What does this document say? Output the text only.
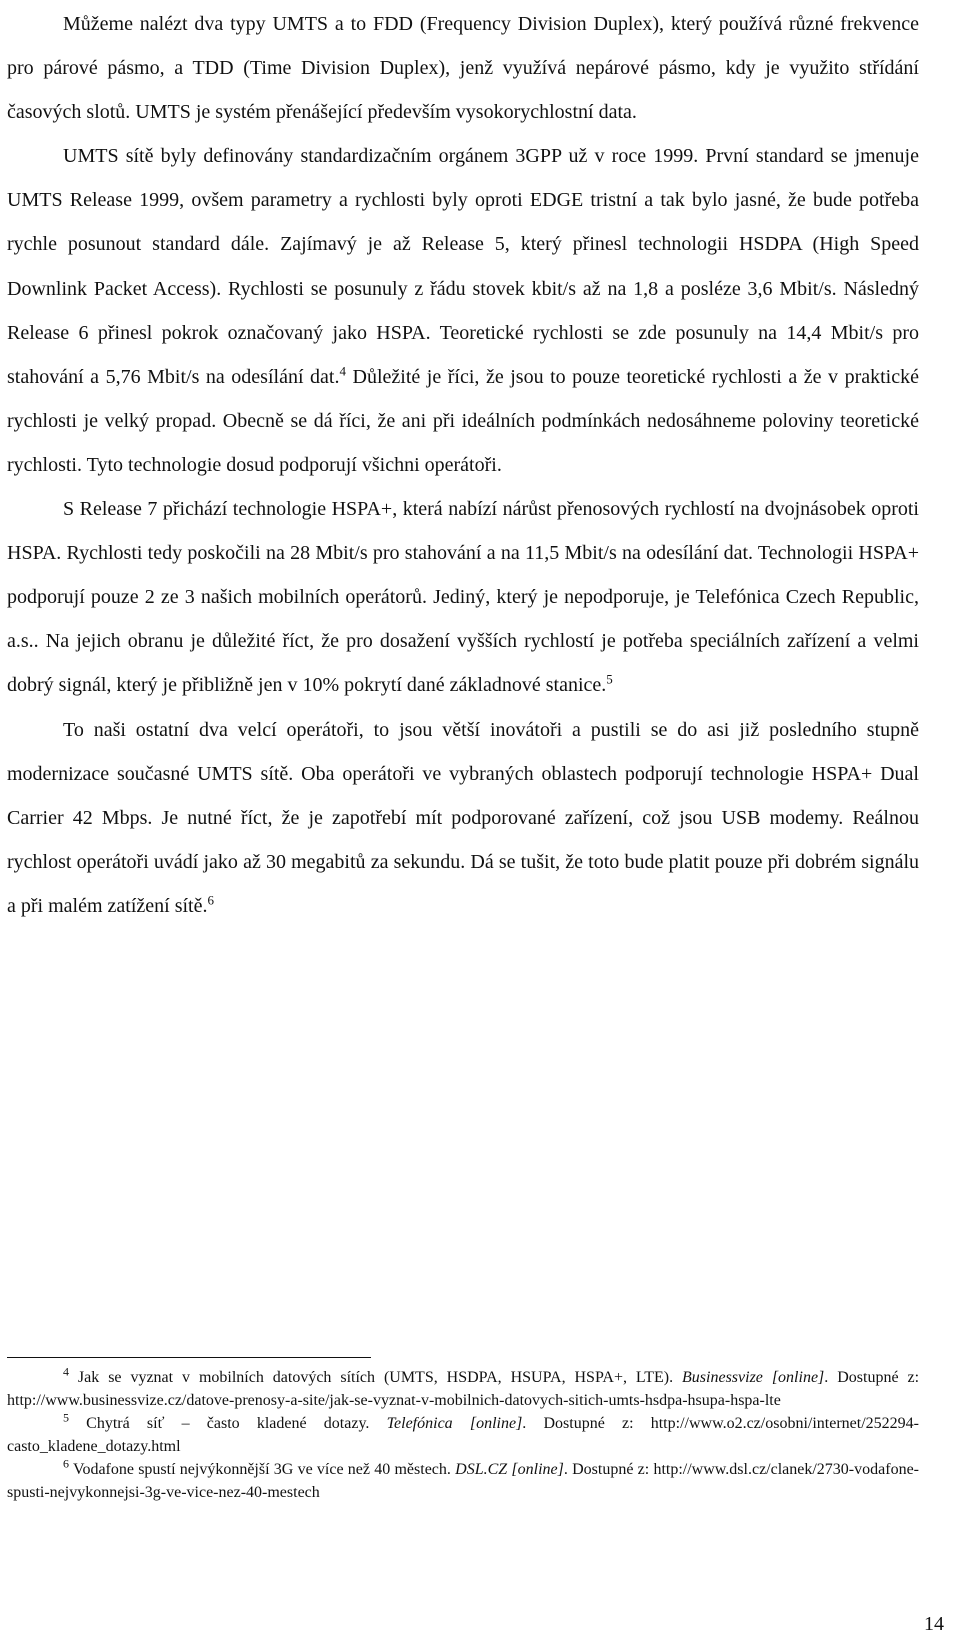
Můžeme nalézt dva typy UMTS a to FDD (Frequency Division Duplex), který používá různé frekvence pro párové pásmo, a TDD (Time Division Duplex), jenž využívá nepárové pásmo, kdy je využito střídání časových slotů. UMTS je systém přenášející především vysokorychlostní data.

UMTS sítě byly definovány standardizačním orgánem 3GPP už v roce 1999. První standard se jmenuje UMTS Release 1999, ovšem parametry a rychlosti byly oproti EDGE tristní a tak bylo jasné, že bude potřeba rychle posunout standard dále. Zajímavý je až Release 5, který přinesl technologii HSDPA (High Speed Downlink Packet Access). Rychlosti se posunuly z řádu stovek kbit/s až na 1,8 a posléze 3,6 Mbit/s. Následný Release 6 přinesl pokrok označovaný jako HSPA. Teoretické rychlosti se zde posunuly na 14,4 Mbit/s pro stahování a 5,76 Mbit/s na odesílání dat.$^4$ Důležité je říci, že jsou to pouze teoretické rychlosti a že v praktické rychlosti je velký propad. Obecně se dá říci, že ani při ideálních podmínkách nedosáhneme poloviny teoretické rychlosti. Tyto technologie dosud podporují všichni operátoři.

S Release 7 přichází technologie HSPA+, která nabízí nárůst přenosových rychlostí na dvojnásobek oproti HSPA. Rychlosti tedy poskočili na 28 Mbit/s pro stahování a na 11,5 Mbit/s na odesílání dat. Technologii HSPA+ podporují pouze 2 ze 3 našich mobilních operátorů. Jediný, který je nepodporuje, je Telefónica Czech Republic, a.s.. Na jejich obranu je důležité říct, že pro dosažení vyšších rychlostí je potřeba speciálních zařízení a velmi dobrý signál, který je přibližně jen v 10% pokrytí dané základnové stanice.$^5$

To naši ostatní dva velcí operátoři, to jsou větší inovátoři a pustili se do asi již posledního stupně modernizace současné UMTS sítě. Oba operátoři ve vybraných oblastech podporují technologie HSPA+ Dual Carrier 42 Mbps. Je nutné říct, že je zapotřebí mít podporované zařízení, což jsou USB modemy. Reálnou rychlost operátoři uvádí jako až 30 megabitů za sekundu. Dá se tušit, že toto bude platit pouze při dobrém signálu a při malém zatížení sítě.$^6$

$^4$ Jak se vyznat v mobilních datových sítích (UMTS, HSDPA, HSUPA, HSPA+, LTE). Businessvize [online]. Dostupné z: http://www.businessvize.cz/datove-prenosy-a-site/jak-se-vyznat-v-mobilnich-datovych-sitich-umts-hsdpa-hsupa-hspa-lte

$^5$ Chytrá síť – často kladené dotazy. Telefónica [online]. Dostupné z: http://www.o2.cz/osobni/internet/252294-casto_kladene_dotazy.html

$^6$ Vodafone spustí nejvýkonnější 3G ve více než 40 městech. DSL.CZ [online]. Dostupné z: http://www.dsl.cz/clanek/2730-vodafone-spusti-nejvykonnejsi-3g-ve-vice-nez-40-mestech

14
